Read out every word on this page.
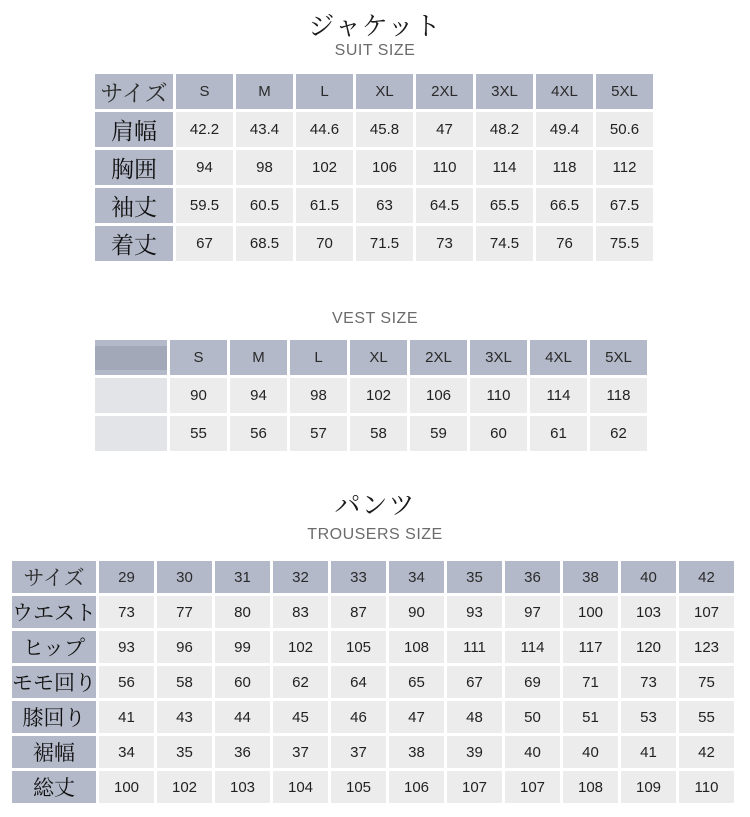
ジャケット
SUIT SIZE
サイズ	S	M	L	XL	2XL	3XL	4XL	5XL
肩幅	42.2	43.4	44.6	45.8	47	48.2	49.4	50.6
胸囲	94	98	102	106	110	114	118	112
袖丈	59.5	60.5	61.5	63	64.5	65.5	66.5	67.5
着丈	67	68.5	70	71.5	73	74.5	76	75.5
VEST SIZE
	S	M	L	XL	2XL	3XL	4XL	5XL
	90	94	98	102	106	110	114	118
	55	56	57	58	59	60	61	62
パンツ
TROUSERS SIZE
サイズ	29	30	31	32	33	34	35	36	38	40	42
ウエスト	73	77	80	83	87	90	93	97	100	103	107
ヒップ	93	96	99	102	105	108	111	114	117	120	123
モモ回り	56	58	60	62	64	65	67	69	71	73	75
膝回り	41	43	44	45	46	47	48	50	51	53	55
裾幅	34	35	36	37	37	38	39	40	40	41	42
総丈	100	102	103	104	105	106	107	107	108	109	110
